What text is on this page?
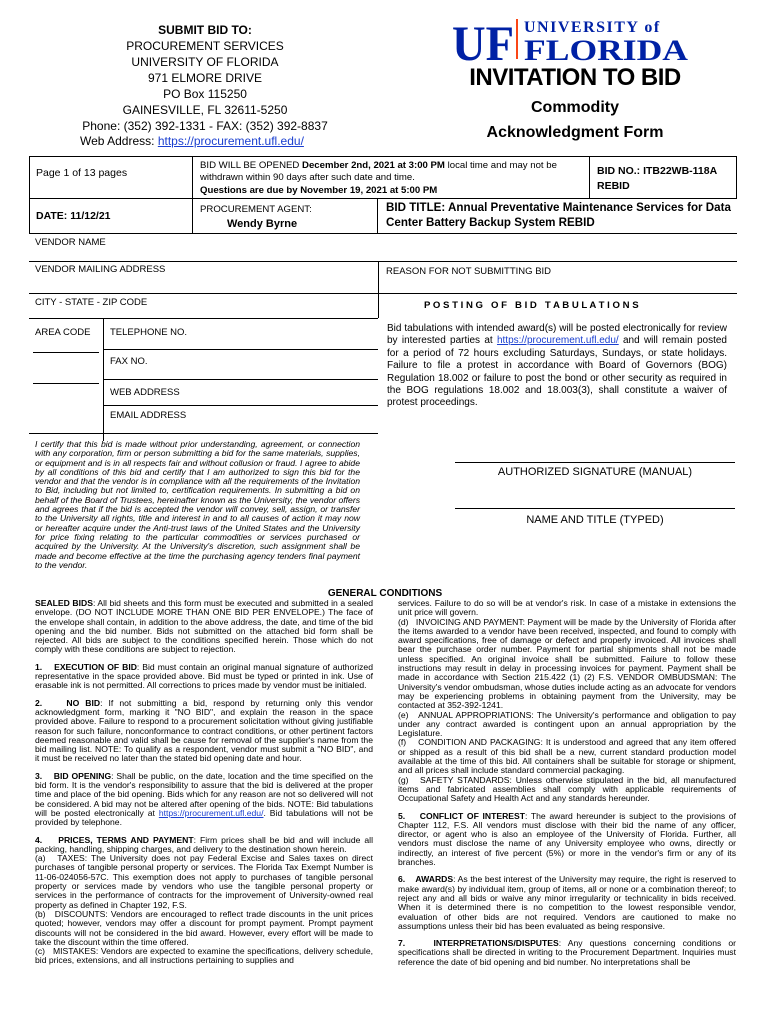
SUBMIT BID TO:
PROCUREMENT SERVICES
UNIVERSITY OF FLORIDA
971 ELMORE DRIVE
PO Box 115250
GAINESVILLE, FL 32611-5250
Phone: (352) 392-1331 - FAX: (352) 392-8837
Web Address: https://procurement.ufl.edu/
UF UNIVERSITY of
FLORIDA
INVITATION TO BID
Commodity
Acknowledgment Form
Page 1 of 13 pages
DATE: 11/12/21
BID WILL BE OPENED December 2nd, 2021 at 3:00 PM local time and may not be withdrawn within 90 days after such date and time.
Questions are due by November 19, 2021 at 5:00 PM
BID NO.: ITB22WB-118A REBID
PROCUREMENT AGENT:
Wendy Byrne
BID TITLE: Annual Preventative Maintenance Services for Data Center Battery Backup System REBID
VENDOR NAME
VENDOR MAILING ADDRESS	REASON FOR NOT SUBMITTING BID
CITY - STATE - ZIP CODE	P O S T I N G   O F   B I D   T A B U L A T I O N S
AREA CODE TELEPHONE NO.
FAX NO.
WEB ADDRESS
EMAIL ADDRESS
Bid tabulations with intended award(s) will be posted electronically for review by interested parties at https://procurement.ufl.edu/ and will remain posted for a period of 72 hours excluding Saturdays, Sundays, or state holidays. Failure to file a protest in accordance with Board of Governors (BOG) Regulation 18.002 or failure to post the bond or other security as required in the BOG regulations 18.002 and 18.003(3), shall constitute a waiver of protest proceedings.
I certify that this bid is made without prior understanding, agreement, or connection with any corporation, firm or person submitting a bid for the same materials, supplies, or equipment and is in all respects fair and without collusion or fraud. I agree to abide by all conditions of this bid and certify that I am authorized to sign this bid for the vendor and that the vendor is in compliance with all the requirements of the Invitation to Bid, including but not limited to, certification requirements. In submitting a bid on behalf of the Board of Trustees, hereinafter known as the University, the vendor offers and agrees that if the bid is accepted the vendor will convey, sell, assign, or transfer to the University all rights, title and interest in and to all causes of action it may now or hereafter acquire under the Anti-trust laws of the United States and the University for price fixing relating to the particular commodities or services purchased or acquired by the University. At the University's discretion, such assignment shall be made and become effective at the time the purchasing agency tenders final payment to the vendor.
AUTHORIZED SIGNATURE (MANUAL)
NAME AND TITLE (TYPED)
GENERAL CONDITIONS

SEALED BIDS: All bid sheets and this form must be executed and submitted in a sealed envelope. (DO NOT INCLUDE MORE THAN ONE BID PER ENVELOPE.) The face of the envelope shall contain, in addition to the above address, the date, and time of the bid opening and the bid number. Bids not submitted on the attached bid form shall be rejected. All bids are subject to the conditions specified herein. Those which do not comply with these conditions are subject to rejection.

1.    EXECUTION OF BID: Bid must contain an original manual signature of authorized representative in the space provided above. Bid must be typed or printed in ink. Use of erasable ink is not permitted. All corrections to prices made by vendor must be initialed.

2.    NO BID: If not submitting a bid, respond by returning only this vendor acknowledgment form, marking it "NO BID", and explain the reason in the space provided above. Failure to respond to a procurement solicitation without giving justifiable reason for such failure, nonconformance to contract conditions, or other pertinent factors deemed reasonable and valid shall be cause for removal of the supplier's name from the bid mailing list. NOTE: To qualify as a respondent, vendor must submit a "NO BID", and it must be received no later than the stated bid opening date and hour.

3.    BID OPENING: Shall be public, on the date, location and the time specified on the bid form. It is the vendor's responsibility to assure that the bid is delivered at the proper time and place of the bid opening. Bids which for any reason are not so delivered will not be considered. A bid may not be altered after opening of the bids. NOTE: Bid tabulations will be posted electronically at https://procurement.ufl.edu/. Bid tabulations will not be provided by telephone.

4.    PRICES, TERMS AND PAYMENT: Firm prices shall be bid and will include all packing, handling, shipping charges, and delivery to the destination shown herein.

(a)   TAXES: The University does not pay Federal Excise and Sales taxes on direct purchases of tangible personal property or services. The Florida Tax Exempt Number is 11-06-024056-57C. This exemption does not apply to purchases of tangible personal property or services made by vendors who use the tangible personal property or services in the performance of contracts for the improvement of University-owned real property as defined in Chapter 192, F.S.

(b)   DISCOUNTS: Vendors are encouraged to reflect trade discounts in the unit prices quoted; however, vendors may offer a discount for prompt payment. Prompt payment discounts will not be considered in the bid award. However, every effort will be made to take the discount within the time offered.

(c)   MISTAKES: Vendors are expected to examine the specifications, delivery schedule, bid prices, extensions, and all instructions pertaining to supplies and

services. Failure to do so will be at vendor's risk. In case of a mistake in extensions the unit price will govern.

(d)   INVOICING AND PAYMENT: Payment will be made by the University of Florida after the items awarded to a vendor have been received, inspected, and found to comply with award specifications, free of damage or defect and properly invoiced. All invoices shall bear the purchase order number. Payment for partial shipments shall not be made unless specified. An original invoice shall be submitted. Failure to follow these instructions may result in delay in processing invoices for payment. Payment shall be made in accordance with Section 215.422 (1) (2) F.S. VENDOR OMBUDSMAN: The University's vendor ombudsman, whose duties include acting as an advocate for vendors may be experiencing problems in obtaining payment from the University, may be contacted at 352-392-1241.

(e)   ANNUAL APPROPRIATIONS: The University's performance and obligation to pay under any contract awarded is contingent upon an annual appropriation by the Legislature.

(f)    CONDITION AND PACKAGING: It is understood and agreed that any item offered or shipped as a result of this bid shall be a new, current standard production model available at the time of this bid. All containers shall be suitable for storage or shipment, and all prices shall include standard commercial packaging.

(g)   SAFETY STANDARDS: Unless otherwise stipulated in the bid, all manufactured items and fabricated assemblies shall comply with applicable requirements of Occupational Safety and Health Act and any standards hereunder.

5.    CONFLICT OF INTEREST: The award hereunder is subject to the provisions of Chapter 112, F.S. All vendors must disclose with their bid the name of any officer, director, or agent who is also an employee of the University of Florida. Further, all vendors must disclose the name of any University employee who owns, directly or indirectly, an interest of five percent (5%) or more in the vendor's firm or any of its branches.

6.    AWARDS: As the best interest of the University may require, the right is reserved to make award(s) by individual item, group of items, all or none or a combination thereof; to reject any and all bids or waive any minor irregularity or technicality in bids received. When it is determined there is no competition to the lowest responsible vendor, evaluation of other bids are not required. Vendors are cautioned to make no assumptions unless their bid has been evaluated as being responsive.

7.    INTERPRETATIONS/DISPUTES: Any questions concerning conditions or specifications shall be directed in writing to the Procurement Department. Inquiries must reference the date of bid opening and bid number. No interpretations shall be
